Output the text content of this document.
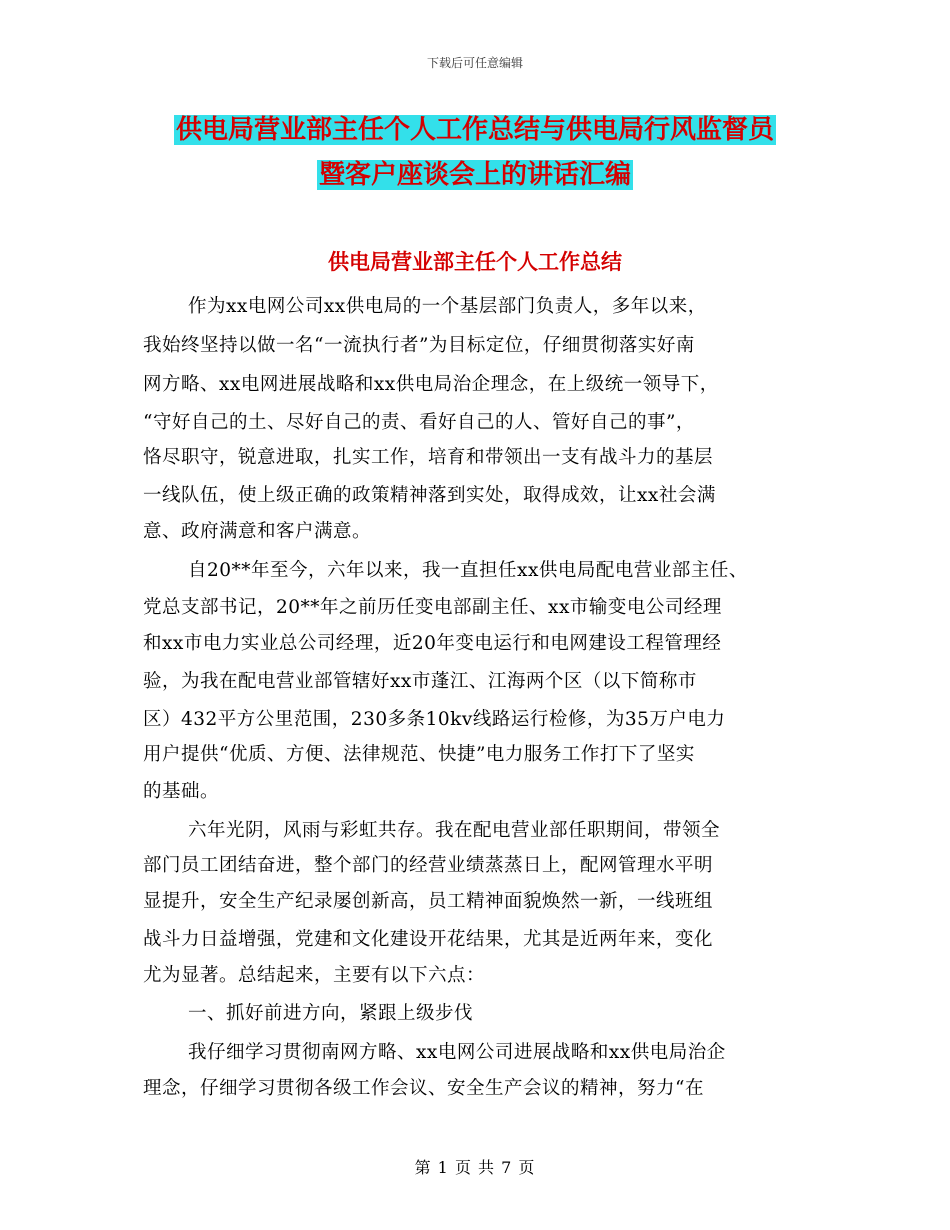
下载后可任意编辑
供电局营业部主任个人工作总结与供电局行风监督员
暨客户座谈会上的讲话汇编
供电局营业部主任个人工作总结
作为xx电网公司xx供电局的一个基层部门负责人，多年以来，
我始终坚持以做一名“一流执行者”为目标定位，仔细贯彻落实好南
网方略、xx电网进展战略和xx供电局治企理念，在上级统一领导下，
“守好自己的土、尽好自己的责、看好自己的人、管好自己的事”，
恪尽职守，锐意进取，扎实工作，培育和带领出一支有战斗力的基层
一线队伍，使上级正确的政策精神落到实处，取得成效，让xx社会满
意、政府满意和客户满意。
自20**年至今，六年以来，我一直担任xx供电局配电营业部主任、
党总支部书记，20**年之前历任变电部副主任、xx市输变电公司经理
和xx市电力实业总公司经理，近20年变电运行和电网建设工程管理经
验，为我在配电营业部管辖好xx市蓬江、江海两个区（以下简称市
区）432平方公里范围，230多条10kv线路运行检修，为35万户电力
用户提供“优质、方便、法律规范、快捷”电力服务工作打下了坚实
的基础。
六年光阴，风雨与彩虹共存。我在配电营业部任职期间，带领全
部门员工团结奋进，整个部门的经营业绩蒸蒸日上，配网管理水平明
显提升，安全生产纪录屡创新高，员工精神面貌焕然一新，一线班组
战斗力日益增强，党建和文化建设开花结果，尤其是近两年来，变化
尤为显著。总结起来，主要有以下六点：
一、抓好前进方向，紧跟上级步伐
我仔细学习贯彻南网方略、xx电网公司进展战略和xx供电局治企
理念，仔细学习贯彻各级工作会议、安全生产会议的精神，努力“在
第 1 页 共 7 页
